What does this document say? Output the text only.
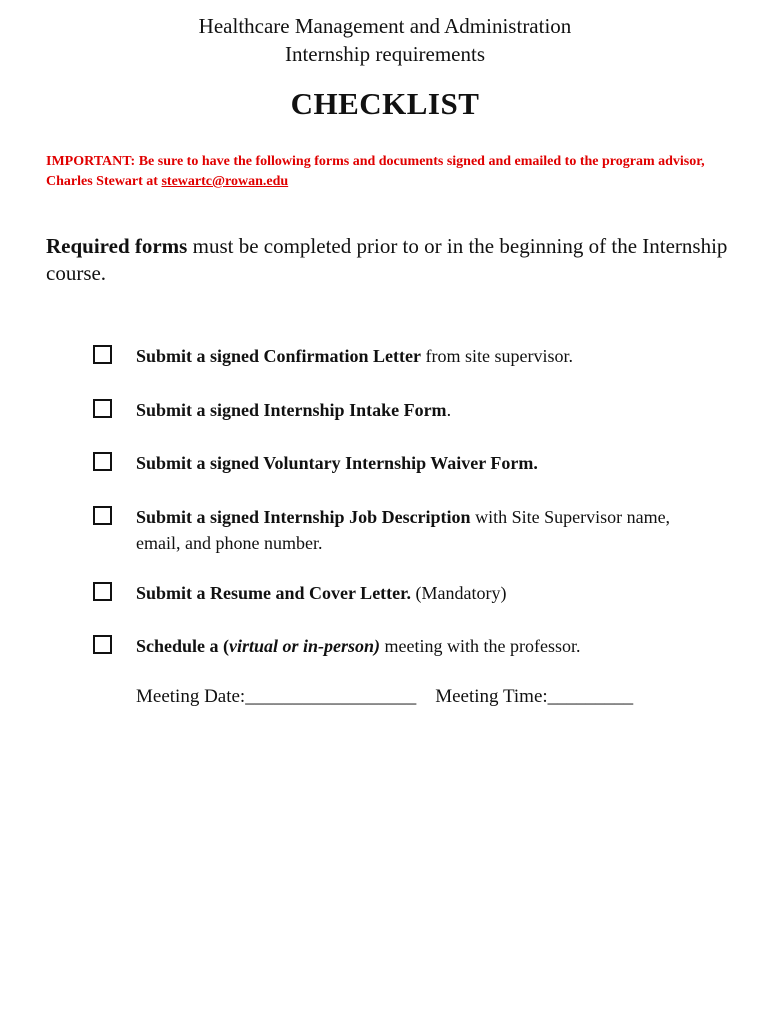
Healthcare Management and Administration
Internship requirements
CHECKLIST
IMPORTANT: Be sure to have the following forms and documents signed and emailed to the program advisor, Charles Stewart at stewartc@rowan.edu
Required forms must be completed prior to or in the beginning of the Internship course.
Submit a signed Confirmation Letter from site supervisor.
Submit a signed Internship Intake Form.
Submit a signed Voluntary Internship Waiver Form.
Submit a signed Internship Job Description with Site Supervisor name, email, and phone number.
Submit a Resume and Cover Letter. (Mandatory)
Schedule a (virtual or in-person) meeting with the professor.
Meeting Date:__________________ Meeting Time:_________
